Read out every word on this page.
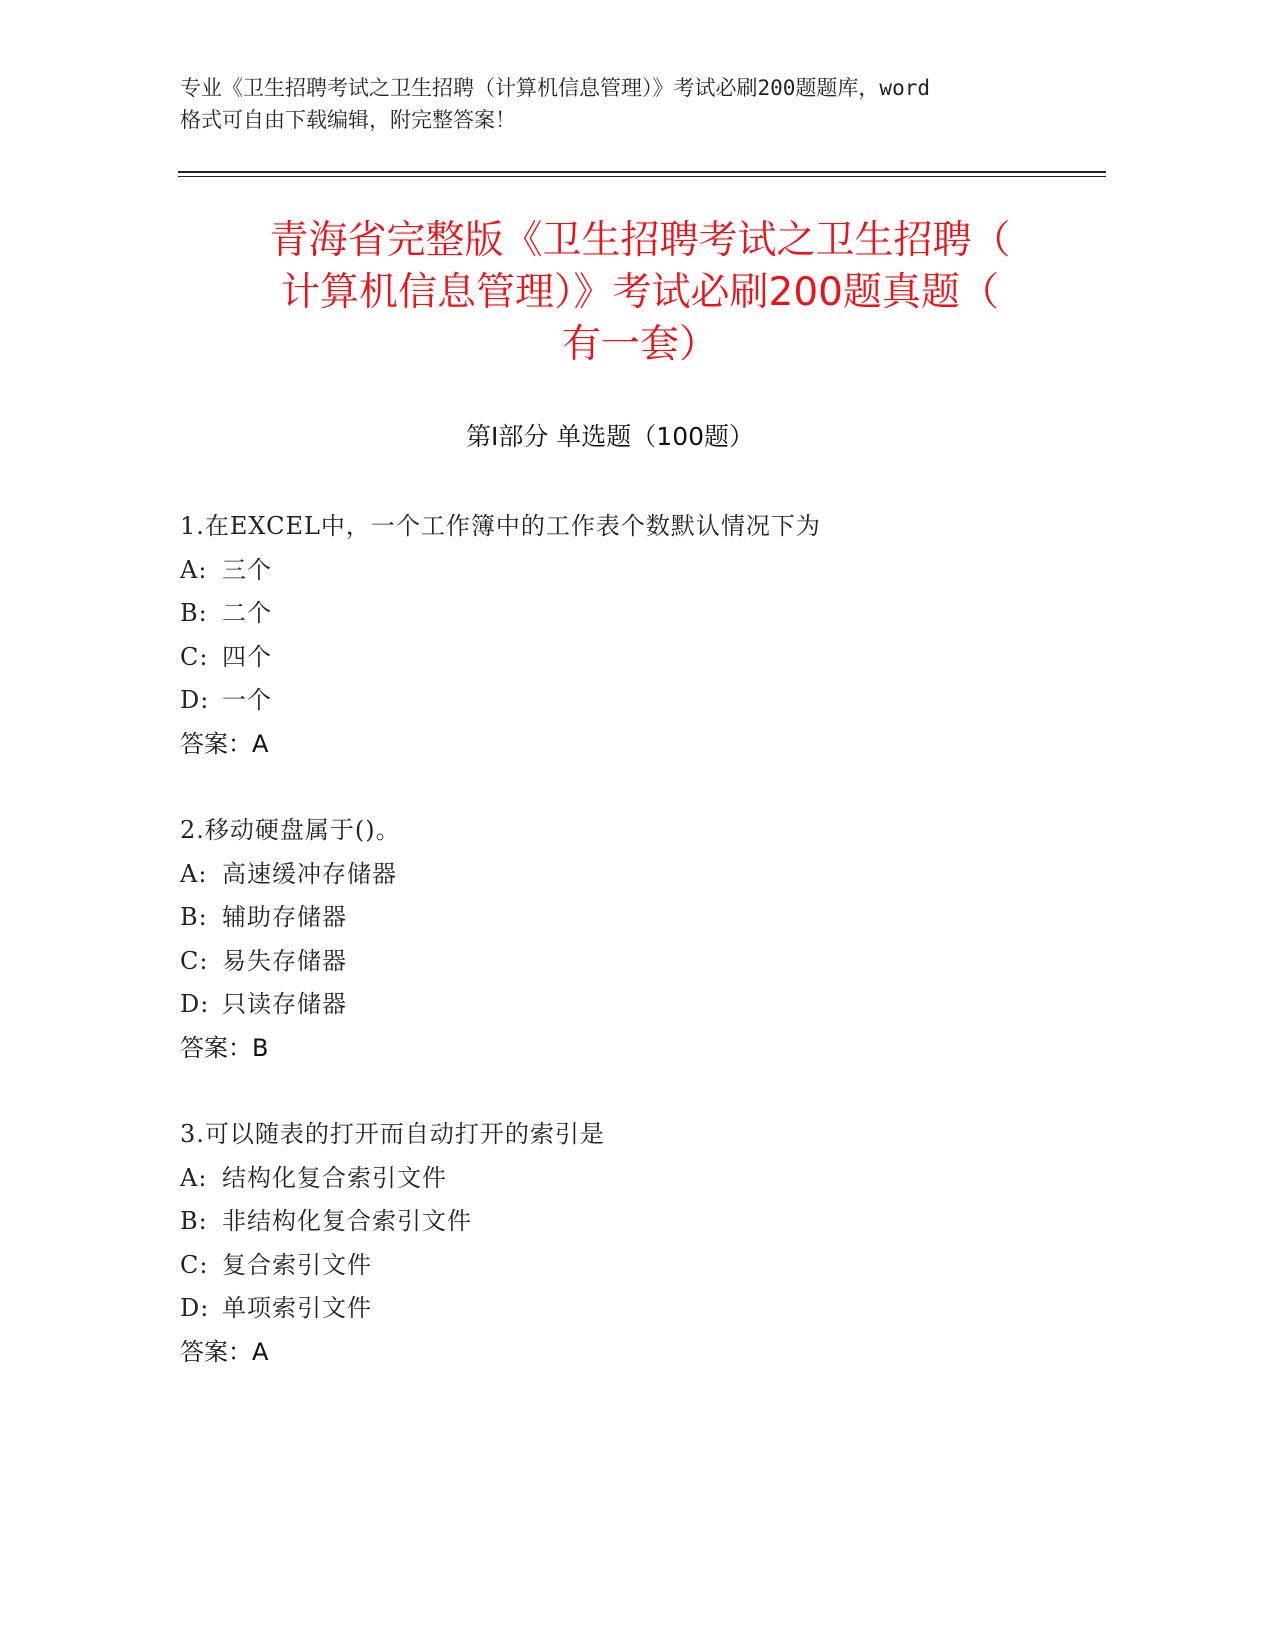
专业《卫生招聘考试之卫生招聘（计算机信息管理）》考试必刷200题题库，word
格式可自由下载编辑，附完整答案！
青海省完整版《卫生招聘考试之卫生招聘（
计算机信息管理）》考试必刷200题真题（
有一套）
第Ⅰ部分 单选题（100题）
1.在EXCEL中，一个工作簿中的工作表个数默认情况下为
A: 三个
B: 二个
C: 四个
D: 一个
答案：A
2.移动硬盘属于()。
A: 高速缓冲存储器
B: 辅助存储器
C: 易失存储器
D: 只读存储器
答案：B
3.可以随表的打开而自动打开的索引是
A: 结构化复合索引文件
B: 非结构化复合索引文件
C: 复合索引文件
D: 单项索引文件
答案：A
